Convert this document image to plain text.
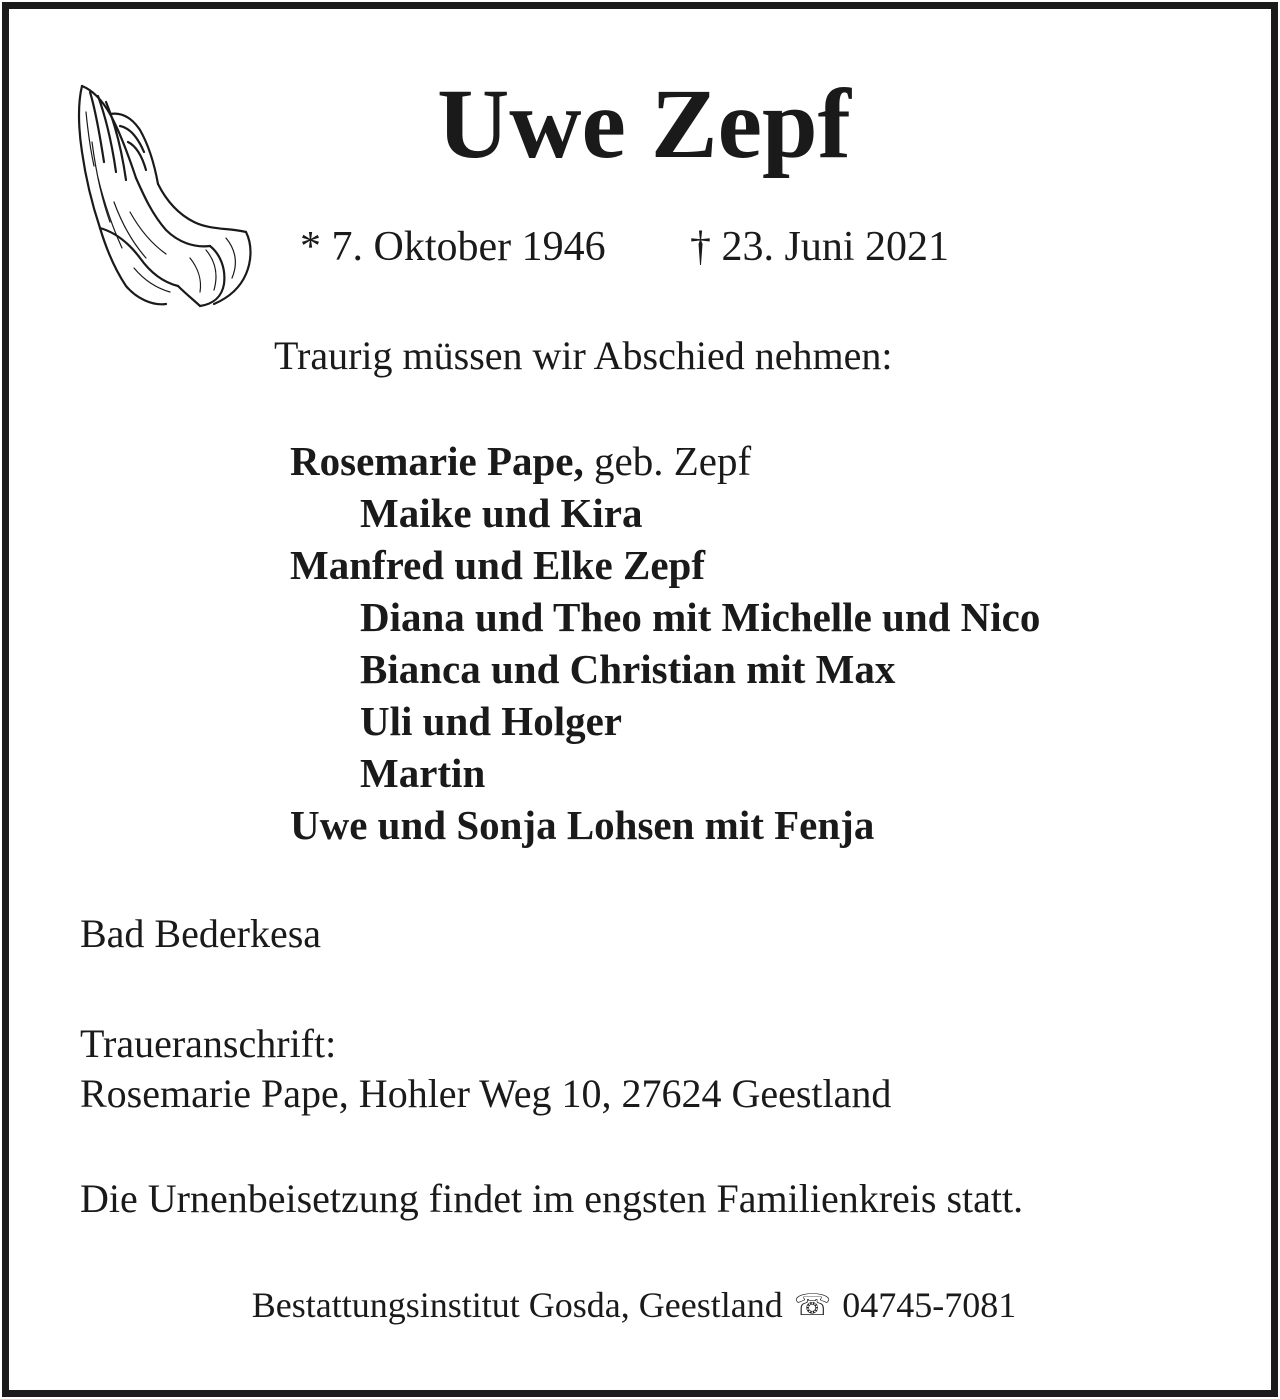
Uwe Zepf
* 7. Oktober 1946 † 23. Juni 2021
Traurig müssen wir Abschied nehmen:
Rosemarie Pape, geb. Zepf
Maike und Kira
Manfred und Elke Zepf
Diana und Theo mit Michelle und Nico
Bianca und Christian mit Max
Uli und Holger
Martin
Uwe und Sonja Lohsen mit Fenja
Bad Bederkesa
Traueranschrift:
Rosemarie Pape, Hohler Weg 10, 27624 Geestland
Die Urnenbeisetzung findet im engsten Familienkreis statt.
Bestattungsinstitut Gosda, Geestland ☏ 04745-7081
